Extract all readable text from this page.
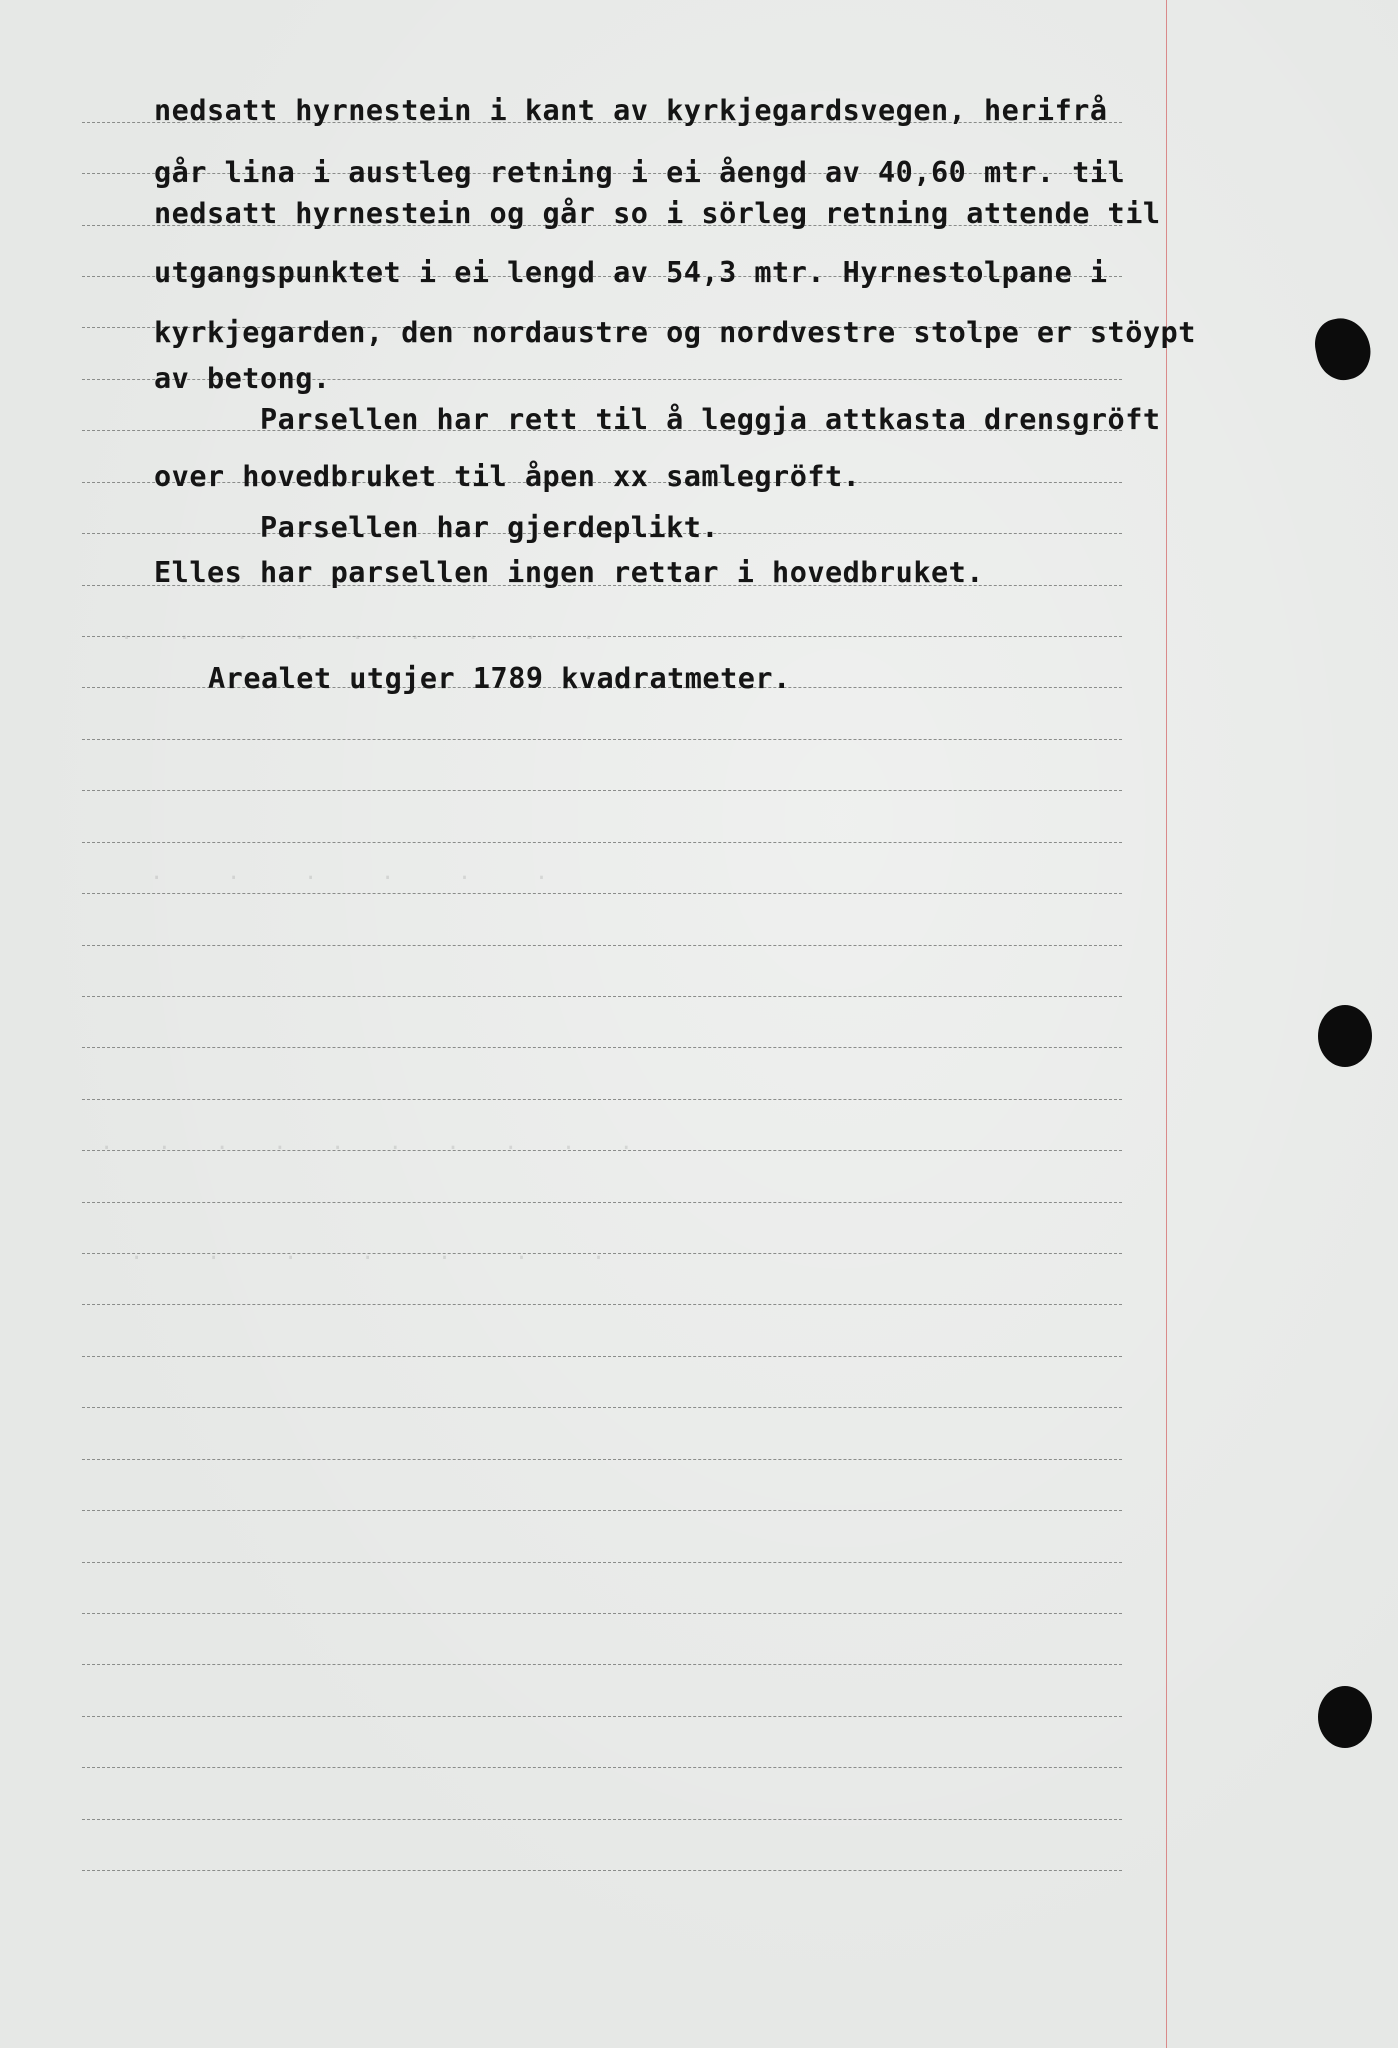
.  .  .  .  .  .  .  .  .
.   .   .   .   .   .
.  .  .  .  .  .  .  .  .  .
.   .   .   .   .   .   .
nedsatt hyrnestein i kant av kyrkjegardsvegen, herifrå
går lina i austleg retning i ei åengd av 40,60 mtr. til
nedsatt hyrnestein og går so i sörleg retning attende til
utgangspunktet i ei lengd av 54,3 mtr. Hyrnestolpane i
kyrkjegarden, den nordaustre og nordvestre stolpe er stöypt
av betong.
Parsellen har rett til å leggja attkasta drensgröft
over hovedbruket til åpen xx samlegröft.
Parsellen har gjerdeplikt.
Elles har parsellen ingen rettar i hovedbruket.
Arealet utgjer 1789 kvadratmeter.
